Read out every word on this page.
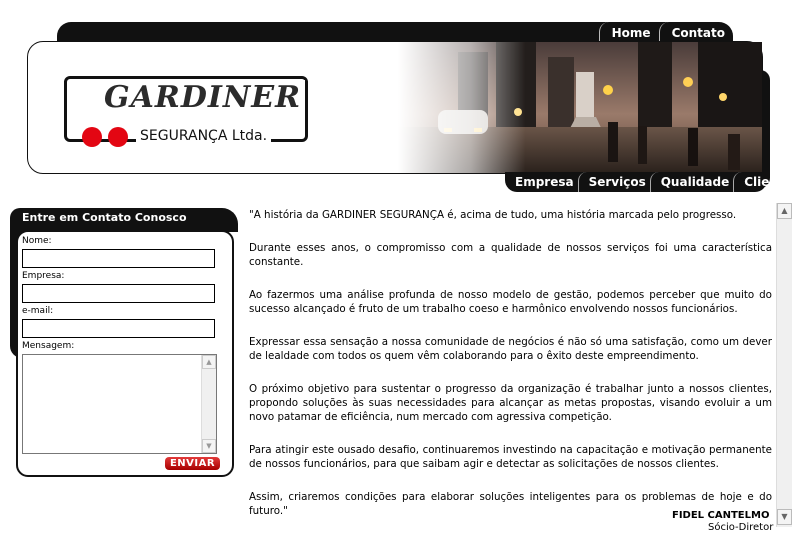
Home	Contato
GARDINER
SEGURANÇA Ltda.
Empresa	Serviços	Qualidade	Clientes
Entre em Contato Conosco
Nome:
Empresa:
e-mail:
Mensagem:
▲
▼
ENVIAR

"A história da GARDINER SEGURANÇA é, acima de tudo, uma história marcada pelo progresso.

Durante esses anos, o compromisso com a qualidade de nossos serviços foi uma característica constante.

Ao fazermos uma análise profunda de nosso modelo de gestão, podemos perceber que muito do sucesso alcançado é fruto de um trabalho coeso e harmônico envolvendo nossos funcionários.

Expressar essa sensação a nossa comunidade de negócios é não só uma satisfação, como um dever de lealdade com todos os quem vêm colaborando para o êxito deste empreendimento.

O próximo objetivo para sustentar o progresso da organização é trabalhar junto a nossos clientes, propondo soluções às suas necessidades para alcançar as metas propostas, visando evoluir a um novo patamar de eficiência, num mercado com agressiva competição.

Para atingir este ousado desafio, continuaremos investindo na capacitação e motivação permanente de nossos funcionários, para que saibam agir e detectar as solicitações de nossos clientes.

Assim, criaremos condições para elaborar soluções inteligentes para os problemas de hoje e do futuro."	FIDEL CANTELMO
Sócio-Diretor
▲
▼
